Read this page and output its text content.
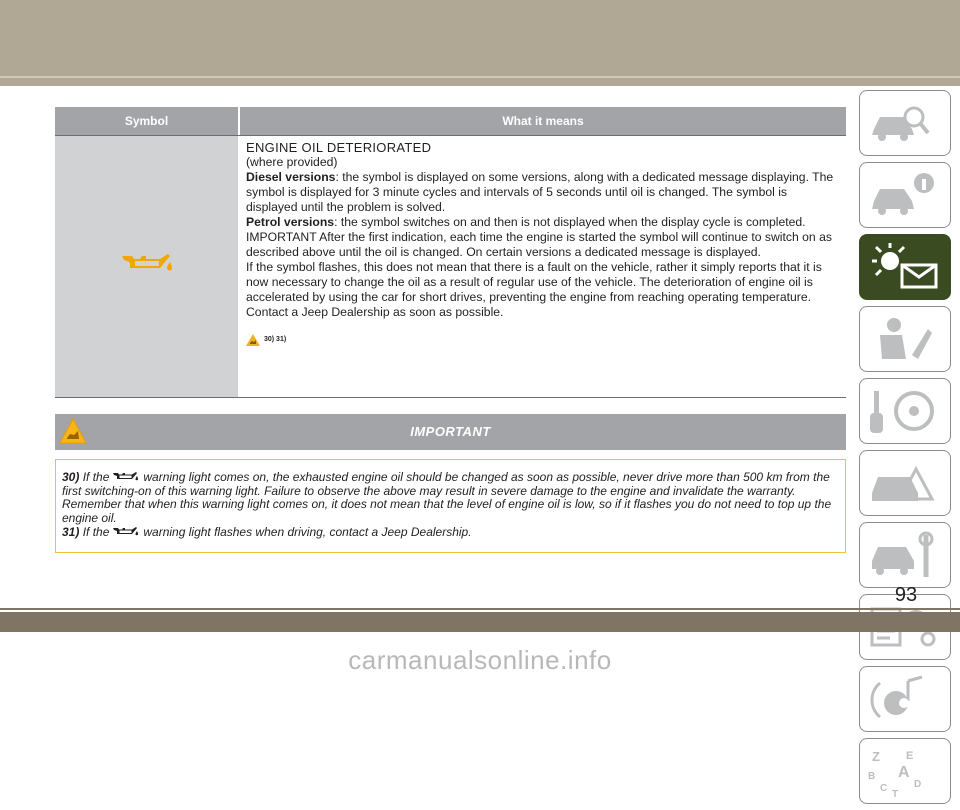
Symbol	What it means
ENGINE OIL DETERIORATED
(where provided)
Diesel versions: the symbol is displayed on some versions, along with a dedicated message displaying. The symbol is displayed for 3 minute cycles and intervals of 5 seconds until oil is changed. The symbol is displayed until the problem is solved.
Petrol versions: the symbol switches on and then is not displayed when the display cycle is completed.
IMPORTANT After the first indication, each time the engine is started the symbol will continue to switch on as described above until the oil is changed. On certain versions a dedicated message is displayed.
If the symbol flashes, this does not mean that there is a fault on the vehicle, rather it simply reports that it is now necessary to change the oil as a result of regular use of the vehicle. The deterioration of engine oil is accelerated by using the car for short drives, preventing the engine from reaching operating temperature.
Contact a Jeep Dealership as soon as possible.
30) 31)
IMPORTANT
30) If the	warning light comes on, the exhausted engine oil should be changed as soon as possible, never drive more than 500 km from the first switching-on of this warning light. Failure to observe the above may result in severe damage to the engine and invalidate the warranty. Remember that when this warning light comes on, it does not mean that the level of engine oil is low, so if it flashes you do not need to top up the engine oil.
31) If the	warning light flashes when driving, contact a Jeep Dealership.
Z E
A
B
C	D
T
93
carmanualsonline.info
